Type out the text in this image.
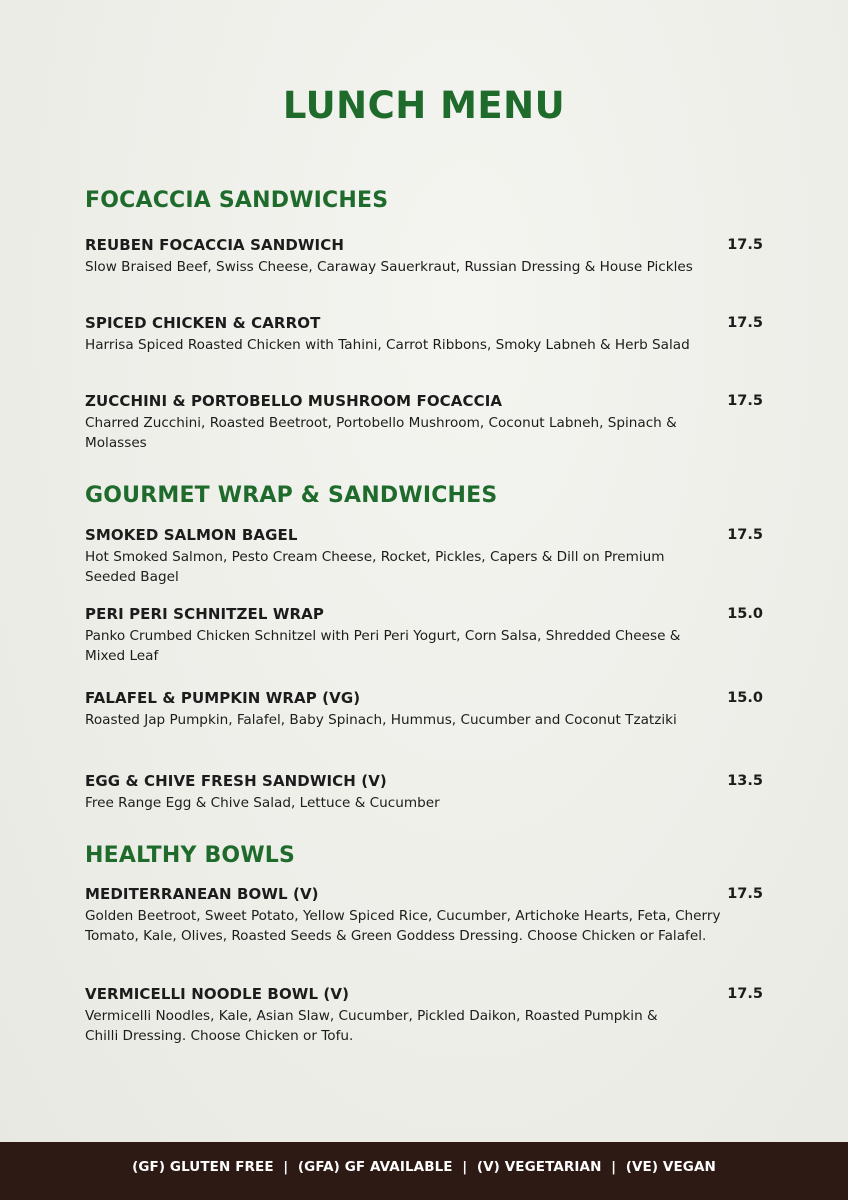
LUNCH MENU
FOCACCIA SANDWICHES
REUBEN FOCACCIA SANDWICH
Slow Braised Beef, Swiss Cheese, Caraway Sauerkraut, Russian Dressing & House Pickles
17.5
SPICED CHICKEN & CARROT
Harrisa Spiced Roasted Chicken with Tahini, Carrot Ribbons, Smoky Labneh & Herb Salad
17.5
ZUCCHINI & PORTOBELLO MUSHROOM FOCACCIA
Charred Zucchini, Roasted Beetroot, Portobello Mushroom, Coconut Labneh, Spinach & Molasses
17.5
GOURMET WRAP & SANDWICHES
SMOKED SALMON BAGEL
Hot Smoked Salmon, Pesto Cream Cheese, Rocket, Pickles, Capers & Dill on Premium Seeded Bagel
17.5
PERI PERI SCHNITZEL WRAP
Panko Crumbed Chicken Schnitzel with Peri Peri Yogurt, Corn Salsa, Shredded Cheese & Mixed Leaf
15.0
FALAFEL & PUMPKIN WRAP (VG)
Roasted Jap Pumpkin, Falafel, Baby Spinach, Hummus, Cucumber and Coconut Tzatziki
15.0
EGG & CHIVE FRESH SANDWICH (V)
Free Range Egg & Chive Salad, Lettuce & Cucumber
13.5
HEALTHY BOWLS
MEDITERRANEAN BOWL (V)
Golden Beetroot, Sweet Potato, Yellow Spiced Rice, Cucumber, Artichoke Hearts, Feta, Cherry Tomato, Kale, Olives, Roasted Seeds & Green Goddess Dressing. Choose Chicken or Falafel.
17.5
VERMICELLI NOODLE BOWL (V)
Vermicelli Noodles, Kale, Asian Slaw, Cucumber, Pickled Daikon, Roasted Pumpkin & Chilli Dressing. Choose Chicken or Tofu.
17.5
(GF) GLUTEN FREE  |  (GFA) GF AVAILABLE  |  (V) VEGETARIAN  |  (VE) VEGAN
